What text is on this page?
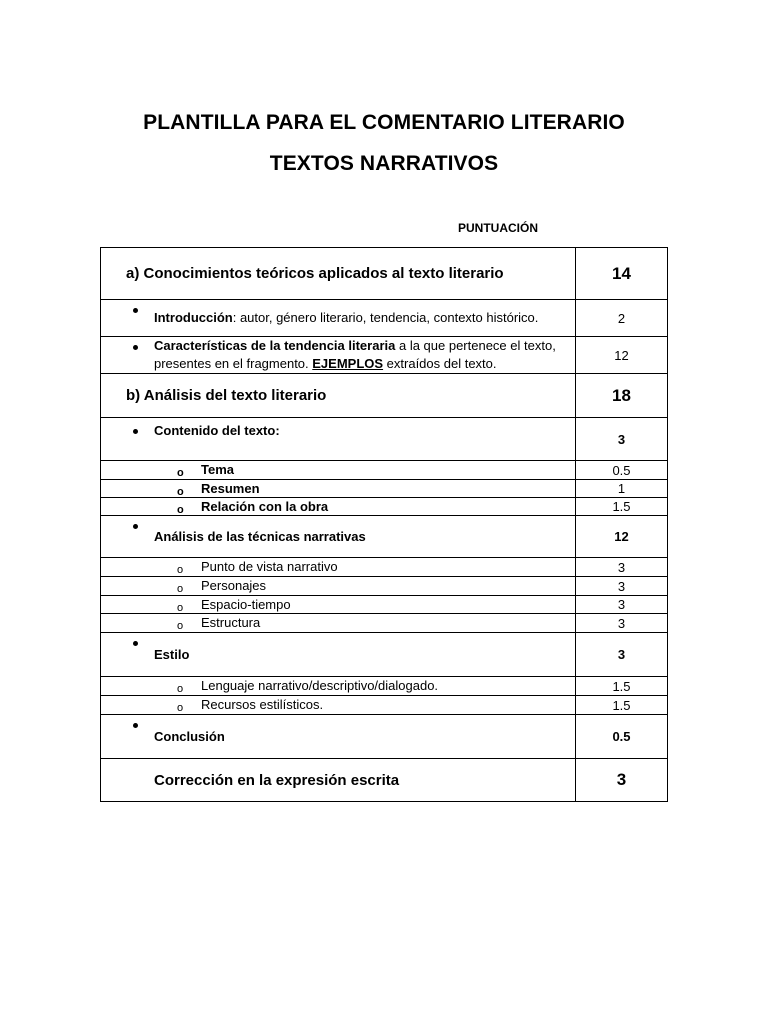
PLANTILLA PARA EL COMENTARIO LITERARIO
TEXTOS NARRATIVOS
PUNTUACIÓN
a) Conocimientos teóricos aplicados al texto literario	14
Introducción: autor, género literario, tendencia, contexto histórico.	2
Características de la tendencia literaria a la que pertenece el texto, presentes en el fragmento. EJEMPLOS extraídos del texto.	12
b) Análisis del texto literario	18
Contenido del texto:	3

o Tema	0.5

o Resumen	1

o Relación con la obra	1.5
Análisis de las técnicas narrativas	12

o Punto de vista narrativo	3

o Personajes	3

o Espacio-tiempo	3

o Estructura	3
Estilo	3

o Lenguaje narrativo/descriptivo/dialogado.	1.5

o Recursos estilísticos.	1.5
Conclusión	0.5
Corrección en la expresión escrita	3
